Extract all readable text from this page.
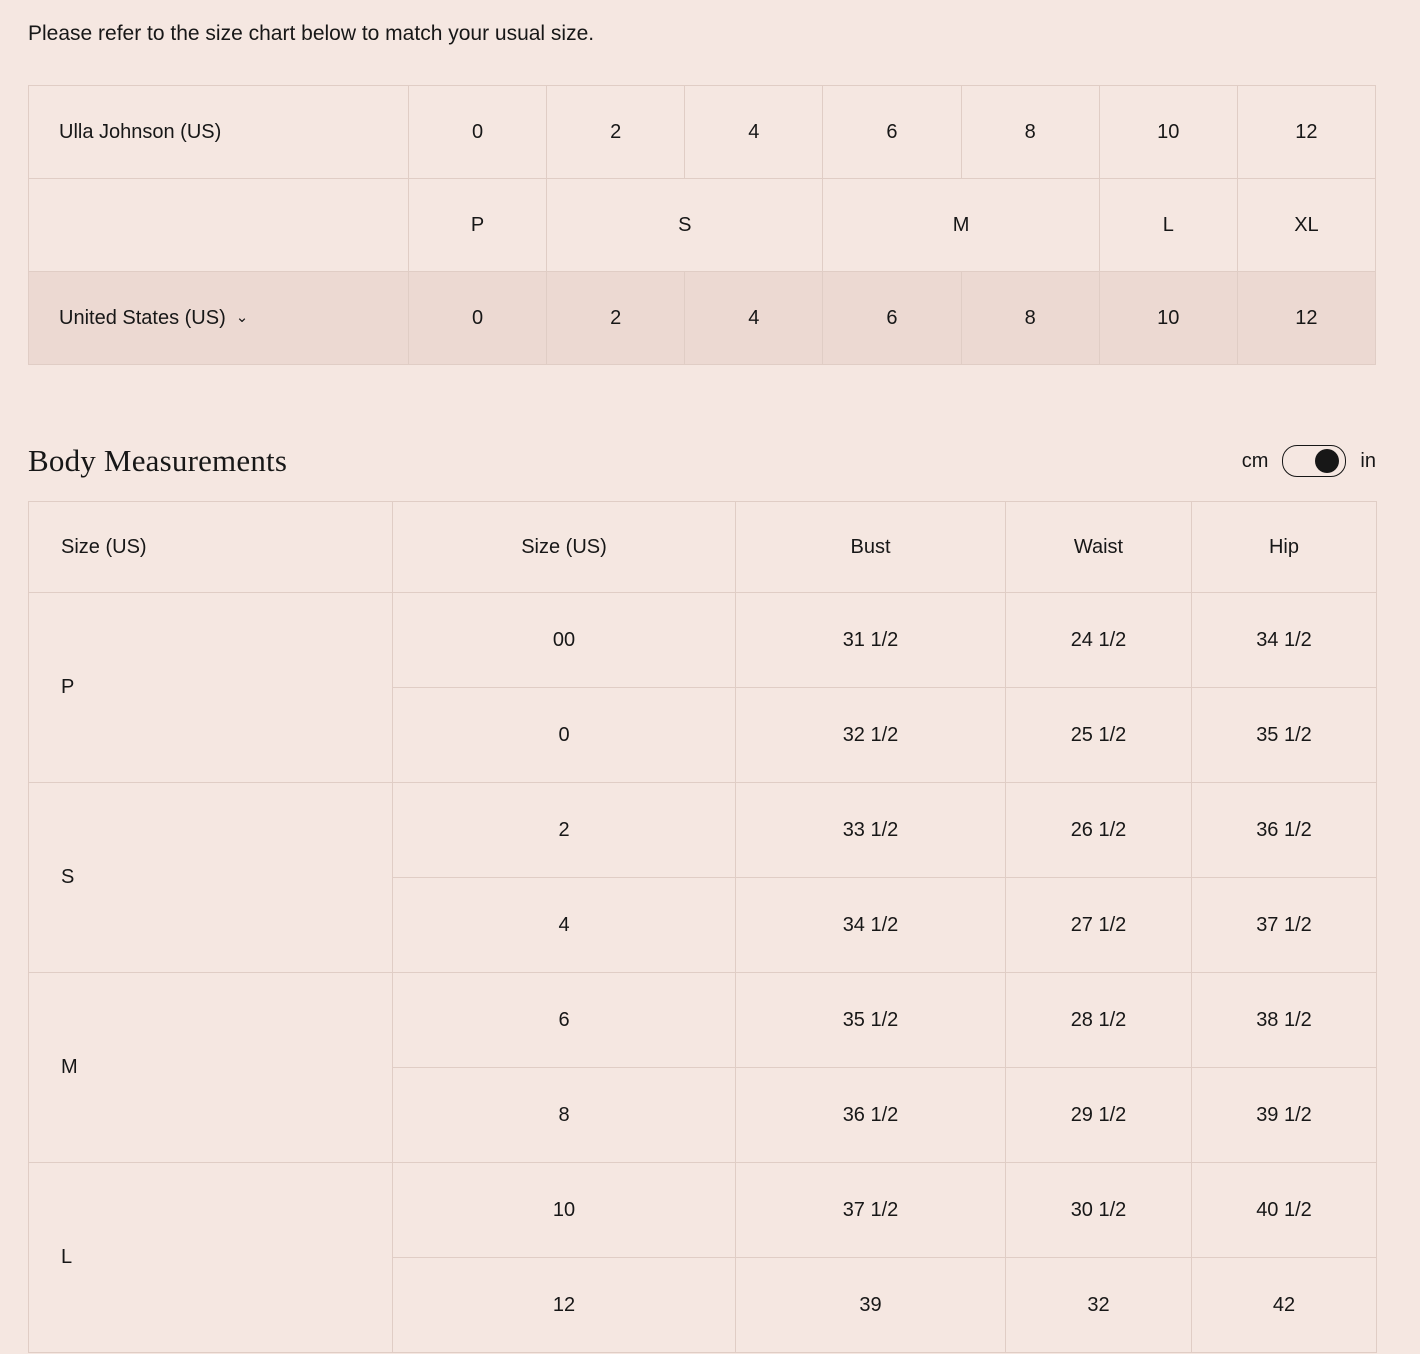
Please refer to the size chart below to match your usual size.
Ulla Johnson (US)	0	2	4	6	8	10	12
	P	S		M		L	XL
United States (US) ⌄	0	2	4	6	8	10	12
Body Measurements	cm	in
Size (US)	Size (US)	Bust	Waist	Hip
P	00	31 1/2	24 1/2	34 1/2
	0	32 1/2	25 1/2	35 1/2
S	2	33 1/2	26 1/2	36 1/2
	4	34 1/2	27 1/2	37 1/2
M	6	35 1/2	28 1/2	38 1/2
	8	36 1/2	29 1/2	39 1/2
L	10	37 1/2	30 1/2	40 1/2
	12	39	32	42
